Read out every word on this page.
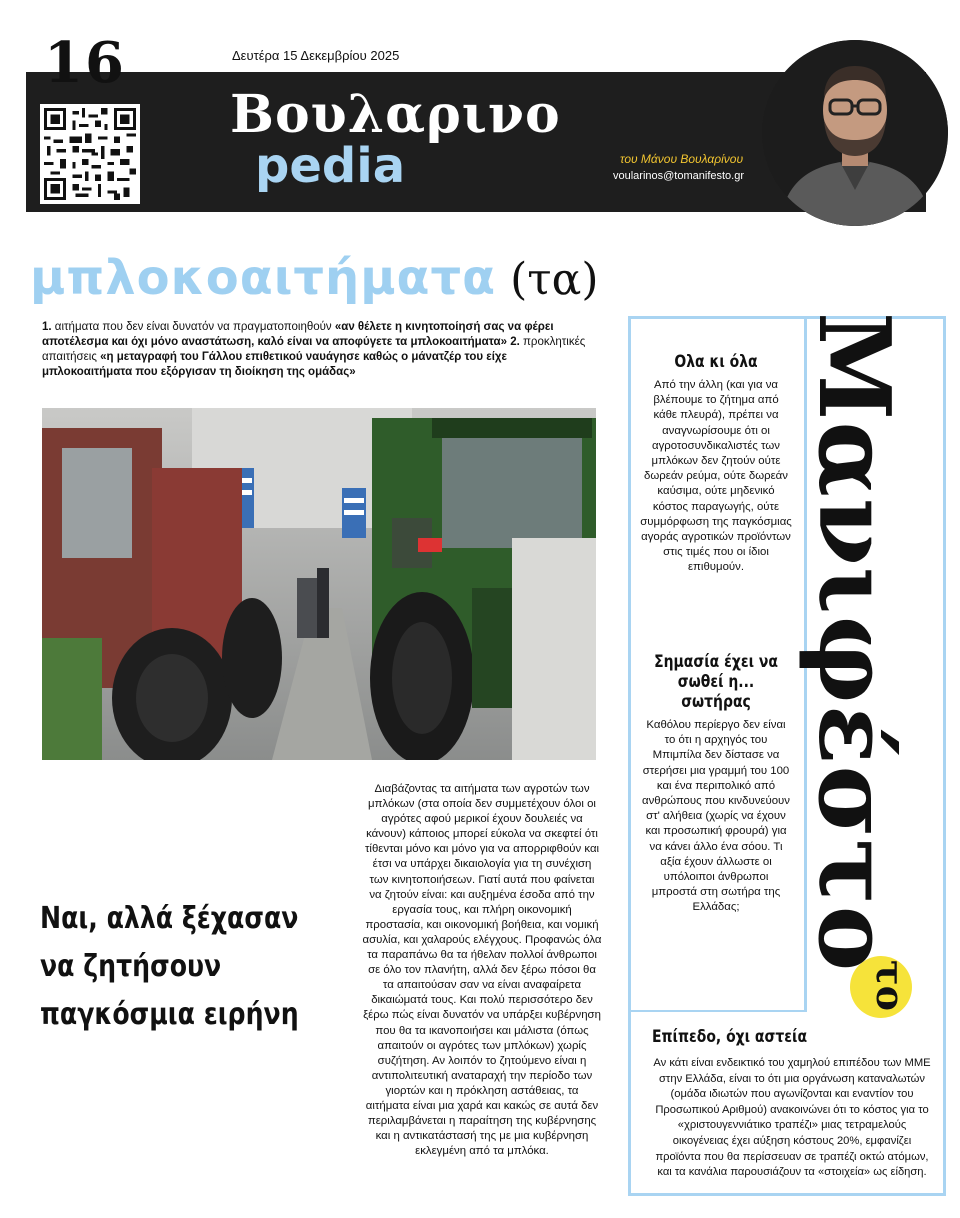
16	Δευτέρα 15 Δεκεμβρίου 2025
Βουλαρινο
pedia	του Μάνου Βουλαρίνου
voularinos@tomanifesto.gr
μπλοκοαιτήματα (τα)
1. αιτήματα που δεν είναι δυνατόν να πραγματοποιηθούν «αν θέλετε η κινητοποίησή σας να φέρει αποτέλεσμα και όχι μόνο αναστάτωση, καλό είναι να αποφύγετε τα μπλοκοαιτήματα» 2. προκλητικές απαιτήσεις «η μεταγραφή του Γάλλου επιθετικού ναυάγησε καθώς ο μάνατζέρ του είχε μπλοκοαιτήματα που εξόργισαν τη διοίκηση της ομάδας»
Διαβάζοντας τα αιτήματα των αγροτών των μπλόκων (στα οποία δεν συμμετέχουν όλοι οι αγρότες αφού μερικοί έχουν δουλειές να κάνουν) κάποιος μπορεί εύκολα να σκεφτεί ότι τίθενται μόνο και μόνο για να απορριφθούν και έτσι να υπάρχει δικαιολογία για τη συνέχιση των κινητοποιήσεων. Γιατί αυτά που φαίνεται να ζητούν είναι: και αυξημένα έσοδα από την εργασία τους, και πλήρη οικονομική προστασία, και οικονομική βοήθεια, και νομική ασυλία, και χαλαρούς ελέγχους. Προφανώς όλα τα παραπάνω θα τα ήθελαν πολλοί άνθρωποι σε όλο τον πλανήτη, αλλά δεν ξέρω πόσοι θα τα απαιτούσαν σαν να είναι αναφαίρετα δικαιώματά τους. Και πολύ περισσότερο δεν ξέρω πώς είναι δυνατόν να υπάρξει κυβέρνηση που θα τα ικανοποιήσει και μάλιστα (όπως απαιτούν οι αγρότες των μπλόκων) χωρίς συζήτηση. Αν λοιπόν το ζητούμενο είναι η αντιπολιτευτική αναταραχή την περίοδο των γιορτών και η πρόκληση αστάθειας, τα αιτήματα είναι μια χαρά και κακώς σε αυτά δεν περιλαμβάνεται η παραίτηση της κυβέρνησης και η αντικατάστασή της με μια κυβέρνηση εκλεγμένη από τα μπλόκα.
Ναι, αλλά ξέχασαν να ζητήσουν παγκόσμια ειρήνη
Ολα κι όλα

Από την άλλη (και για να βλέπουμε το ζήτημα από κάθε πλευρά), πρέπει να αναγνωρίσουμε ότι οι αγροτοσυνδικαλιστές των μπλόκων δεν ζητούν ούτε δωρεάν ρεύμα, ούτε δωρεάν καύσιμα, ούτε μηδενικό κόστος παραγωγής, ούτε συμμόρφωση της παγκόσμιας αγοράς αγροτικών προϊόντων στις τιμές που οι ίδιοι επιθυμούν.

Σημασία έχει να σωθεί η... σωτήρας

Καθόλου περίεργο δεν είναι το ότι η αρχηγός του Μπιμπίλα δεν δίστασε να στερήσει μια γραμμή του 100 και ένα περιπολικό από ανθρώπους που κινδυνεύουν στ' αλήθεια (χωρίς να έχουν και προσωπική φρουρά) για να κάνει άλλο ένα σόου. Τι αξία έχουν άλλωστε οι υπόλοιποι άνθρωποι μπροστά στη σωτήρα της Ελλάδας;

Επίπεδο, όχι αστεία

Αν κάτι είναι ενδεικτικό του χαμηλού επιπέδου των ΜΜΕ στην Ελλάδα, είναι το ότι μια οργάνωση καταναλωτών (ομάδα ιδιωτών που αγωνίζονται και εναντίον του Προσωπικού Αριθμού) ανακοινώνει ότι το κόστος για το «χριστουγεννιάτικο τραπέζι» μιας τετραμελούς οικογένειας έχει αύξηση κόστους 20%, εμφανίζει προϊόντα που θα περίσσευαν σε τραπέζι οκτώ ατόμων, και τα κανάλια παρουσιάζουν τα «στοιχεία» ως είδηση.

Μανιφέστο
το
